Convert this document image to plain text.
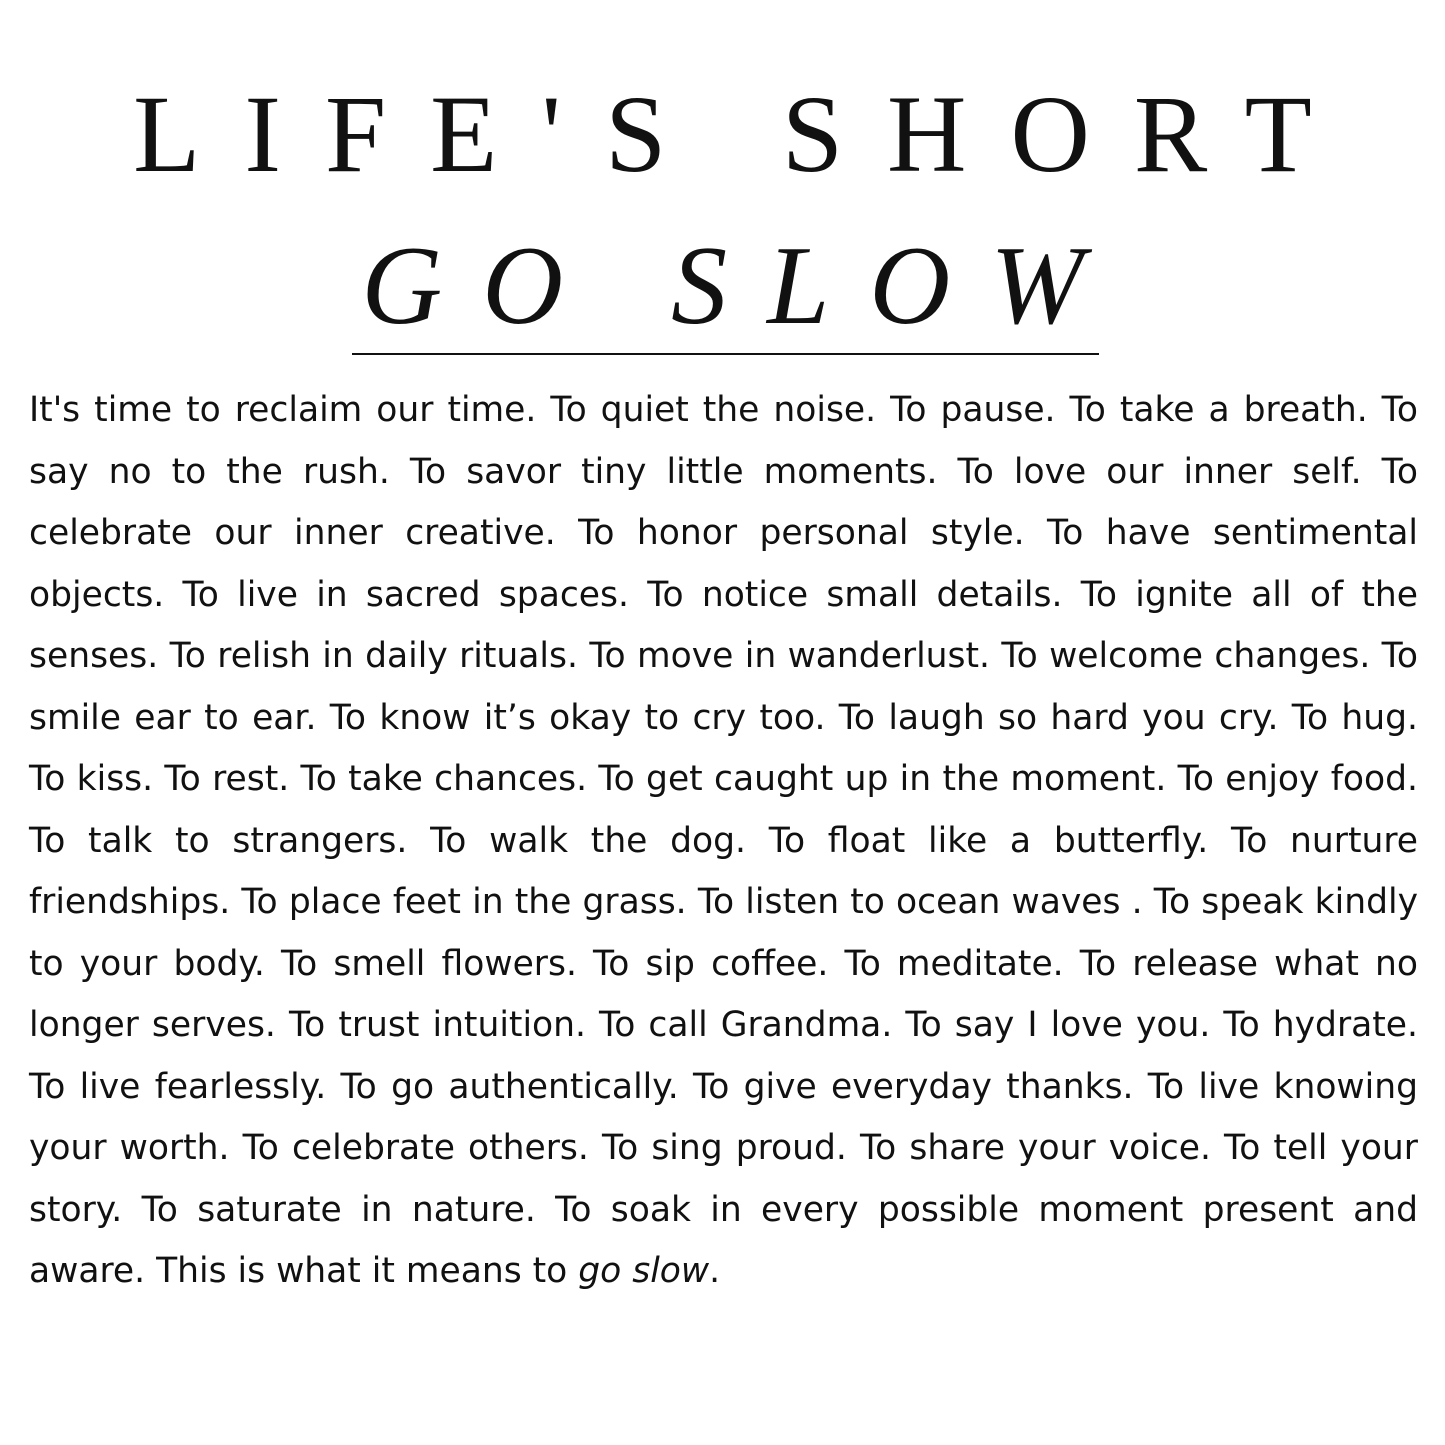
LIFE'S SHORT
GO SLOW

It's time to reclaim our time. To quiet the noise. To pause. To take a breath. To say no to the rush. To savor tiny little moments. To love our inner self. To celebrate our inner creative. To honor personal style. To have sentimental objects. To live in sacred spaces. To notice small details. To ignite all of the senses. To relish in daily rituals. To move in wanderlust. To welcome changes. To smile ear to ear. To know it’s okay to cry too. To laugh so hard you cry. To hug. To kiss. To rest. To take chances. To get caught up in the moment. To enjoy food. To talk to strangers. To walk the dog. To float like a butterfly. To nurture friendships. To place feet in the grass. To listen to ocean waves . To speak kindly to your body. To smell flowers. To sip coffee. To meditate. To release what no longer serves. To trust intuition. To call Grandma. To say I love you. To hydrate. To live fearlessly. To go authentically. To give everyday thanks. To live knowing your worth. To celebrate others. To sing proud. To share your voice. To tell your story. To saturate in nature. To soak in every possible moment present and aware. This is what it means to go slow.
